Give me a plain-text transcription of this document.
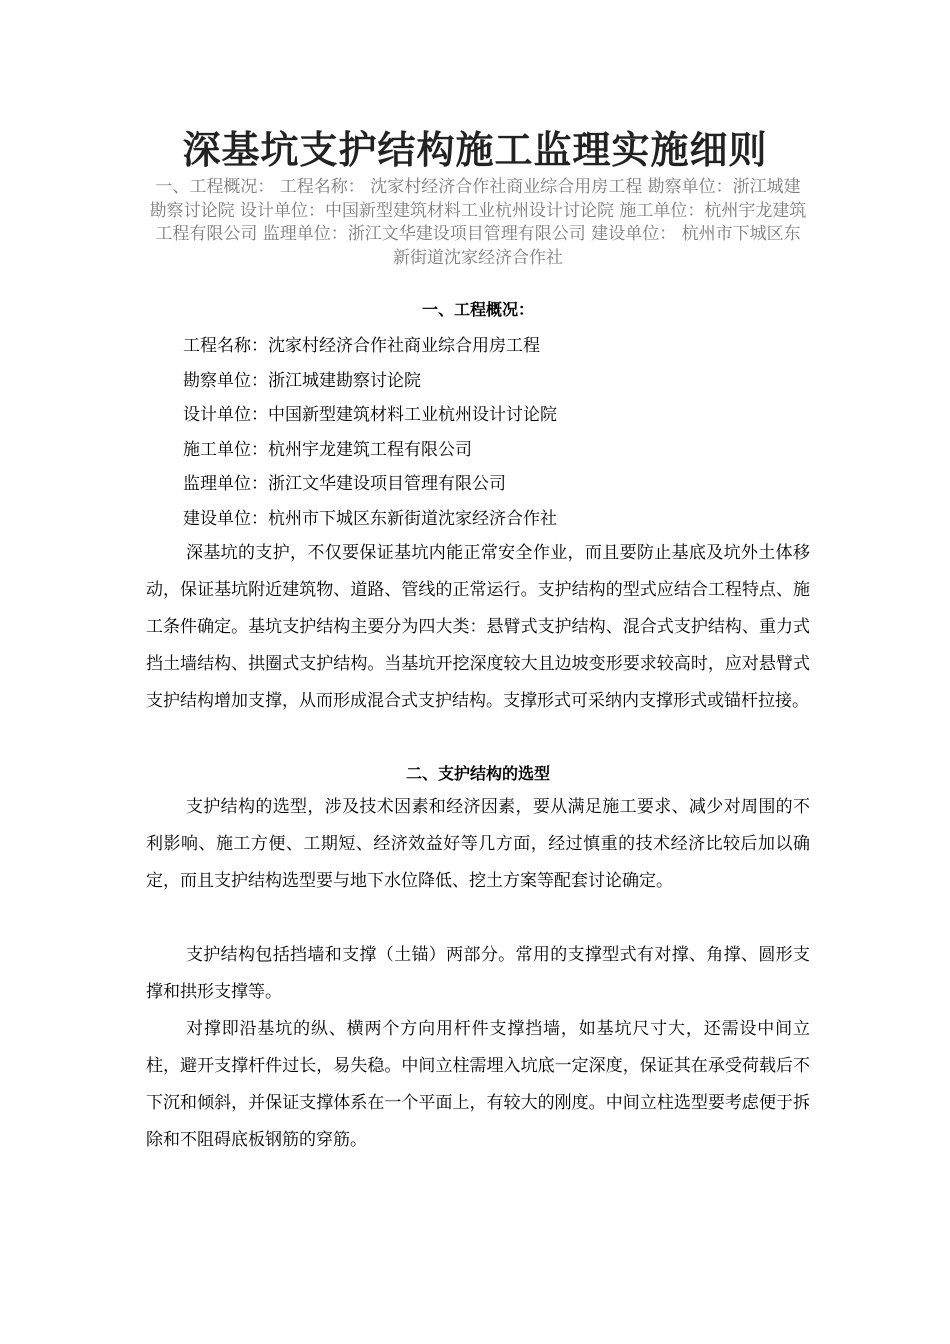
深基坑支护结构施工监理实施细则

一、工程概况： 工程名称： 沈家村经济合作社商业综合用房工程 勘察单位：浙江城建勘察讨论院 设计单位：中国新型建筑材料工业杭州设计讨论院 施工单位：杭州宇龙建筑工程有限公司 监理单位：浙江文华建设项目管理有限公司 建设单位： 杭州市下城区东新街道沈家经济合作社

一、工程概况：
工程名称：沈家村经济合作社商业综合用房工程
勘察单位：浙江城建勘察讨论院
设计单位：中国新型建筑材料工业杭州设计讨论院
施工单位：杭州宇龙建筑工程有限公司
监理单位：浙江文华建设项目管理有限公司
建设单位：杭州市下城区东新街道沈家经济合作社

深基坑的支护，不仅要保证基坑内能正常安全作业，而且要防止基底及坑外土体移动，保证基坑附近建筑物、道路、管线的正常运行。支护结构的型式应结合工程特点、施工条件确定。基坑支护结构主要分为四大类：悬臂式支护结构、混合式支护结构、重力式挡土墙结构、拱圈式支护结构。当基坑开挖深度较大且边坡变形要求较高时，应对悬臂式支护结构增加支撑，从而形成混合式支护结构。支撑形式可采纳内支撑形式或锚杆拉接。

二、支护结构的选型

支护结构的选型，涉及技术因素和经济因素，要从满足施工要求、减少对周围的不利影响、施工方便、工期短、经济效益好等几方面，经过慎重的技术经济比较后加以确定，而且支护结构选型要与地下水位降低、挖土方案等配套讨论确定。

支护结构包括挡墙和支撑（土锚）两部分。常用的支撑型式有对撑、角撑、圆形支撑和拱形支撑等。

对撑即沿基坑的纵、横两个方向用杆件支撑挡墙，如基坑尺寸大，还需设中间立柱，避开支撑杆件过长，易失稳。中间立柱需埋入坑底一定深度，保证其在承受荷载后不下沉和倾斜，并保证支撑体系在一个平面上，有较大的刚度。中间立柱选型要考虑便于拆除和不阻碍底板钢筋的穿筋。
